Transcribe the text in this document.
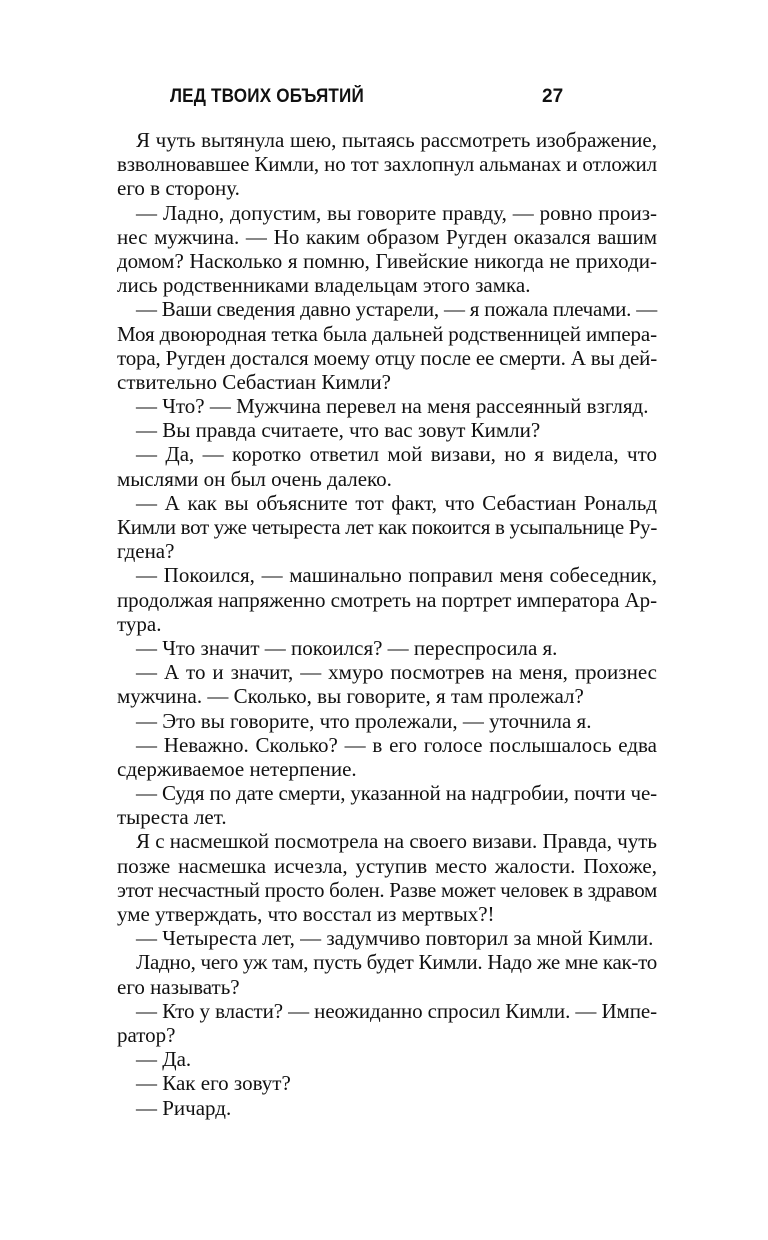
ЛЕД ТВОИХ ОБЪЯТИЙ	27
Я чуть вытянула шею, пытаясь рассмотреть изображение,
взволновавшее Кимли, но тот захлопнул альманах и отложил
его в сторону.
— Ладно, допустим, вы говорите правду, — ровно произ-
нес мужчина. — Но каким образом Ругден оказался вашим
домом? Насколько я помню, Гивейские никогда не приходи-
лись родственниками владельцам этого замка.
— Ваши сведения давно устарели, — я пожала плечами. —
Моя двоюродная тетка была дальней родственницей импера-
тора, Ругден достался моему отцу после ее смерти. А вы дей-
ствительно Себастиан Кимли?
— Что? — Мужчина перевел на меня рассеянный взгляд.
— Вы правда считаете, что вас зовут Кимли?
— Да, — коротко ответил мой визави, но я видела, что
мыслями он был очень далеко.
— А как вы объясните тот факт, что Себастиан Рональд
Кимли вот уже четыреста лет как покоится в усыпальнице Ру-
гдена?
— Покоился, — машинально поправил меня собеседник,
продолжая напряженно смотреть на портрет императора Ар-
тура.
— Что значит — покоился? — переспросила я.
— А то и значит, — хмуро посмотрев на меня, произнес
мужчина. — Сколько, вы говорите, я там пролежал?
— Это вы говорите, что пролежали, — уточнила я.
— Неважно. Сколько? — в его голосе послышалось едва
сдерживаемое нетерпение.
— Судя по дате смерти, указанной на надгробии, почти че-
тыреста лет.
Я с насмешкой посмотрела на своего визави. Правда, чуть
позже насмешка исчезла, уступив место жалости. Похоже,
этот несчастный просто болен. Разве может человек в здравом
уме утверждать, что восстал из мертвых?!
— Четыреста лет, — задумчиво повторил за мной Кимли.
Ладно, чего уж там, пусть будет Кимли. Надо же мне как-то
его называть?
— Кто у власти? — неожиданно спросил Кимли. — Импе-
ратор?
— Да.
— Как его зовут?
— Ричард.
